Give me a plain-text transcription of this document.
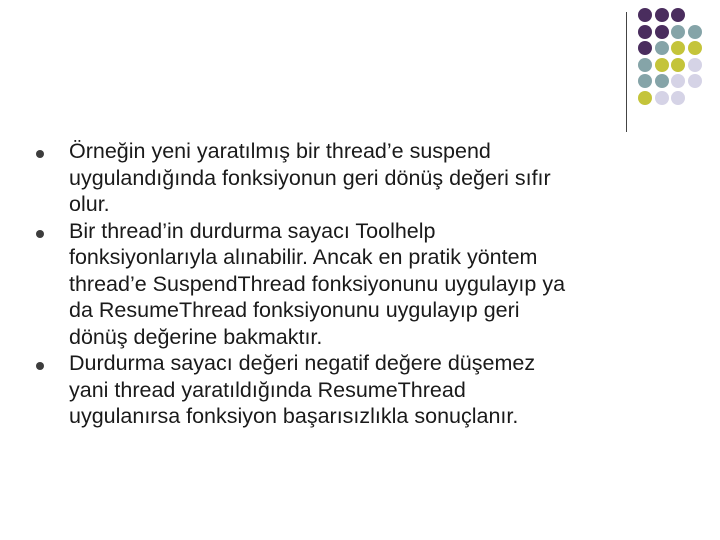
Örneğin yeni yaratılmış bir thread’e suspend
uygulandığında fonksiyonun geri dönüş değeri sıfır
olur.
Bir thread’in durdurma sayacı Toolhelp
fonksiyonlarıyla alınabilir. Ancak en pratik yöntem
thread’e SuspendThread fonksiyonunu uygulayıp ya
da ResumeThread fonksiyonunu uygulayıp geri
dönüş değerine bakmaktır.
Durdurma sayacı değeri negatif değere düşemez
yani thread yaratıldığında ResumeThread
uygulanırsa fonksiyon başarısızlıkla sonuçlanır.
